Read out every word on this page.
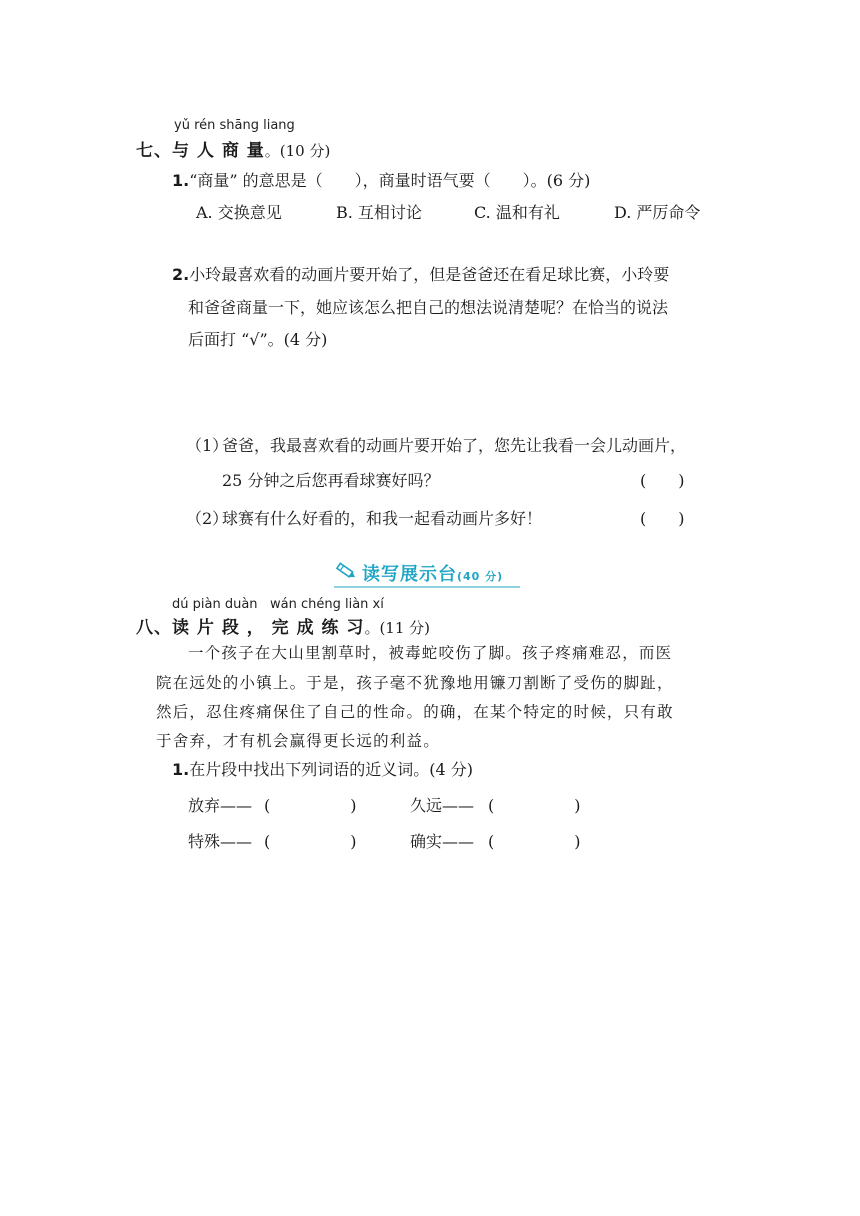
yǔ rén shāng liang
七、与 人 商 量。(10 分)
1.“商量” 的意思是（　　），商量时语气要（　　）。(6 分)
A. 交换意见	B. 互相讨论	C. 温和有礼	D. 严厉命令
2.小玲最喜欢看的动画片要开始了，但是爸爸还在看足球比赛，小玲要
和爸爸商量一下，她应该怎么把自己的想法说清楚呢？在恰当的说法
后面打 “√”。(4 分)
（1）
爸爸，我最喜欢看的动画片要开始了，您先让我看一会儿动画片，
25 分钟之后您再看球赛好吗？	(　　)
（2）
球赛有什么好看的，和我一起看动画片多好！	(　　)
读写展示台(40 分)
dú piàn duàn wán chéng liàn xí
八、读 片 段 ， 完 成 练 习。(11 分)
一个孩子在大山里割草时，被毒蛇咬伤了脚。孩子疼痛难忍，而医
院在远处的小镇上。于是，孩子毫不犹豫地用镰刀割断了受伤的脚趾，
然后，忍住疼痛保住了自己的性命。的确，在某个特定的时候，只有敢
于舍弃，才有机会赢得更长远的利益。
1.在片段中找出下列词语的近义词。(4 分)
放弃—— (　　　　　)	久远—— (　　　　　)
特殊—— (　　　　　)	确实—— (　　　　　)
